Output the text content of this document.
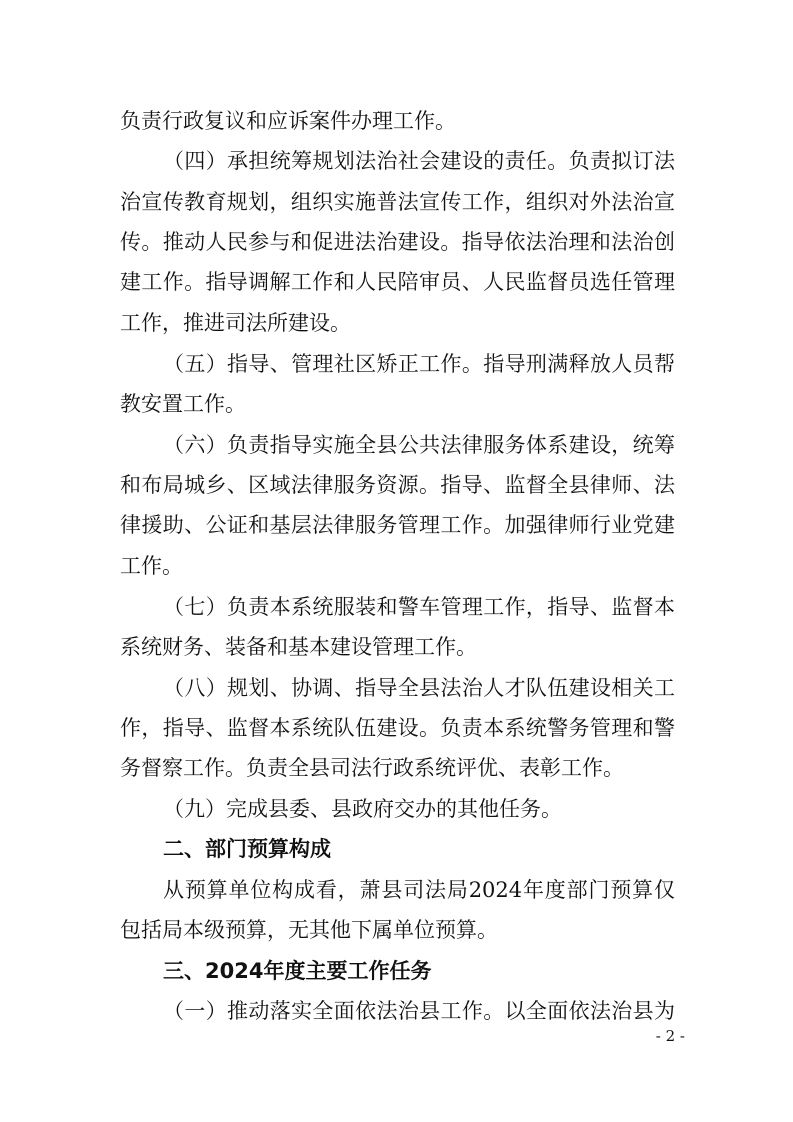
负责行政复议和应诉案件办理工作。
（四）承担统筹规划法治社会建设的责任。负责拟订法
治宣传教育规划，组织实施普法宣传工作，组织对外法治宣
传。推动人民参与和促进法治建设。指导依法治理和法治创
建工作。指导调解工作和人民陪审员、人民监督员选任管理
工作，推进司法所建设。
（五）指导、管理社区矫正工作。指导刑满释放人员帮
教安置工作。
（六）负责指导实施全县公共法律服务体系建设，统筹
和布局城乡、区域法律服务资源。指导、监督全县律师、法
律援助、公证和基层法律服务管理工作。加强律师行业党建
工作。
（七）负责本系统服装和警车管理工作，指导、监督本
系统财务、装备和基本建设管理工作。
（八）规划、协调、指导全县法治人才队伍建设相关工
作，指导、监督本系统队伍建设。负责本系统警务管理和警
务督察工作。负责全县司法行政系统评优、表彰工作。
（九）完成县委、县政府交办的其他任务。
二、部门预算构成
从预算单位构成看，萧县司法局2024年度部门预算仅
包括局本级预算，无其他下属单位预算。
三、2024年度主要工作任务
（一）推动落实全面依法治县工作。以全面依法治县为
- 2 -
